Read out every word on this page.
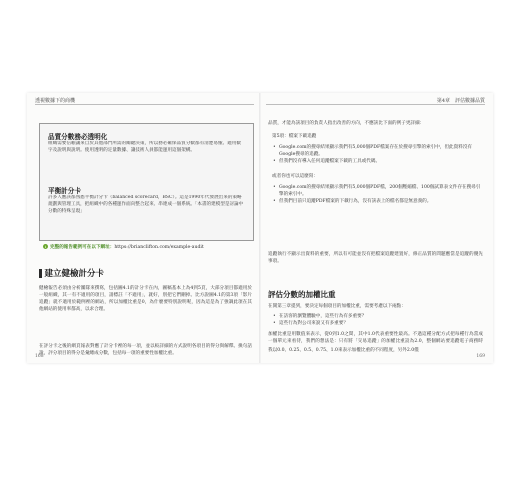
透視數據下的商機
品質分數務必透明化
組織需要信賴讓來自於其他部門所需的關鍵決策，所以務必確保品質分數都有清楚易懂、適用數字及說明與說明。使用透明的定量數據、讓技術人員都能運用這個架構。
平衡計分卡
許多人應該都熟悉平衡計分卡（balanced scorecard，BSC）。這是1990年代發展出來的策略規劃與管理工具，把組織中的各種運作面向整合起來、串連成一個系統。「本書的建模型是討論中分數的特殊呈現」
i 完整的報告範例可在以下網址：https://brianclifton.com/example-audit
建立健檢計分卡
健檢報告必須由分析團隊來撰寫，包括圖4.1的計分卡在內，圖稿基本上為4到5頁，大部分項目都適用於一般組織，其一有不適用的項目，請標註「不適用」，就好，別把它們刪掉。比方說圖4.1的第3項「影片追蹤」就不適用於範例裡的網站，所以加權比重是0，為什麼要特別說明呢，因為這是為了強調此項在其他網站的使用率都高，以求合理。
在評分卡之後的網頁報表對應了計分卡裡的每一項，並以較詳細的方式說明各項目的得分與解釋。換句話說，評分項目的得分是彙總成分數，包括每一項的重要性加權比重。
168
第4章　評估數據品質
品質，才能為該項目的負責人指出改善的方向，不應該比下面的例子更詳細：
第5項：檔案下載追蹤
• Google.com的搜尋結果顯示我們有5,000個PDF檔案存在於搜尋引擎的索引中，但此資料沒有Google搜尋的追蹤。
• 但我們沒有導入任何追蹤檔案下載的工具或代碼。
或者你也可以這麼寫：
• Google.com的搜尋結果顯示我們有5,000個PDF檔，200個壓縮檔、100個試算表文件存在搜尋引擎的索引中。
• 但我們目前只追蹤PDF檔案的下載行為，沒有該表上的檔名都是無意義的。
追蹤執行不顯示出資料的重要，所以有可能並沒有把檔案追蹤建置好，修正品質的問題應當是追蹤的優先事項。
評估分數的加權比重
在開第三章提到，要決定每個項目的加權比重，需要考慮以下兩點：
• 在訪客的瀏覽體驗中，這些行為有多重要？
• 這些行為對公司來說又有多重要？
加權比重是用數值來表示，從0到1.0之間，其中1.0代表重要性最高。不過這種分配方式把每種行為當成一個單元來看待，我們的想法是：只有將「交易追蹤」的加權比重設為2.0，整個網站要追蹤電子商務時
我以0.0、0.25、0.5、0.75、1.0來表示加權比重的不同程度，另外2.0僅
169
